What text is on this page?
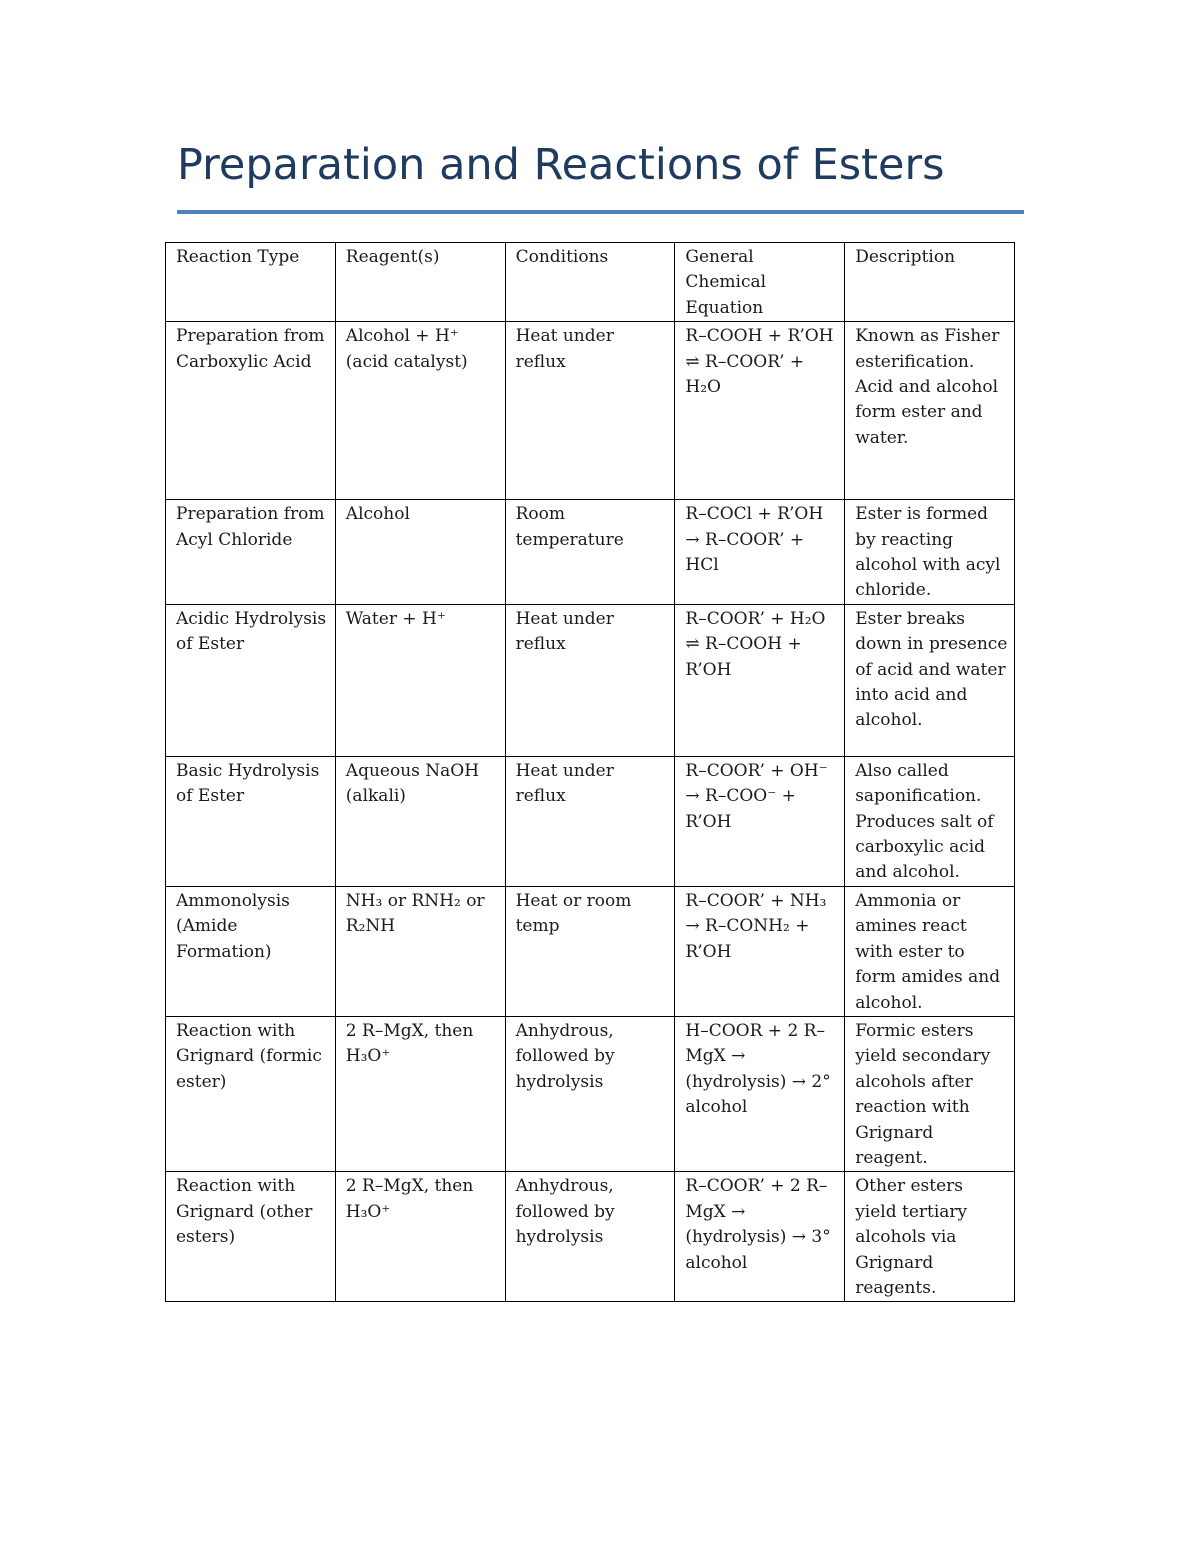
Preparation and Reactions of Esters
Reaction Type	Reagent(s)	Conditions	General Chemical Equation	Description
Preparation from Carboxylic Acid	Alcohol + H⁺ (acid catalyst)	Heat under reflux	R–COOH + R’OH ⇌ R–COOR’ + H₂O	Known as Fisher esterification. Acid and alcohol form ester and water.
Preparation from Acyl Chloride	Alcohol	Room temperature	R–COCl + R’OH → R–COOR’ + HCl	Ester is formed by reacting alcohol with acyl chloride.
Acidic Hydrolysis of Ester	Water + H⁺	Heat under reflux	R–COOR’ + H₂O ⇌ R–COOH + R’OH	Ester breaks down in presence of acid and water into acid and alcohol.
Basic Hydrolysis of Ester	Aqueous NaOH (alkali)	Heat under reflux	R–COOR’ + OH⁻ → R–COO⁻ + R’OH	Also called saponification. Produces salt of carboxylic acid and alcohol.
Ammonolysis (Amide Formation)	NH₃ or RNH₂ or R₂NH	Heat or room temp	R–COOR’ + NH₃ → R–CONH₂ + R’OH	Ammonia or amines react with ester to form amides and alcohol.
Reaction with Grignard (formic ester)	2 R–MgX, then H₃O⁺	Anhydrous, followed by hydrolysis	H–COOR + 2 R–MgX → (hydrolysis) → 2° alcohol	Formic esters yield secondary alcohols after reaction with Grignard reagent.
Reaction with Grignard (other esters)	2 R–MgX, then H₃O⁺	Anhydrous, followed by hydrolysis	R–COOR’ + 2 R–MgX → (hydrolysis) → 3° alcohol	Other esters yield tertiary alcohols via Grignard reagents.
